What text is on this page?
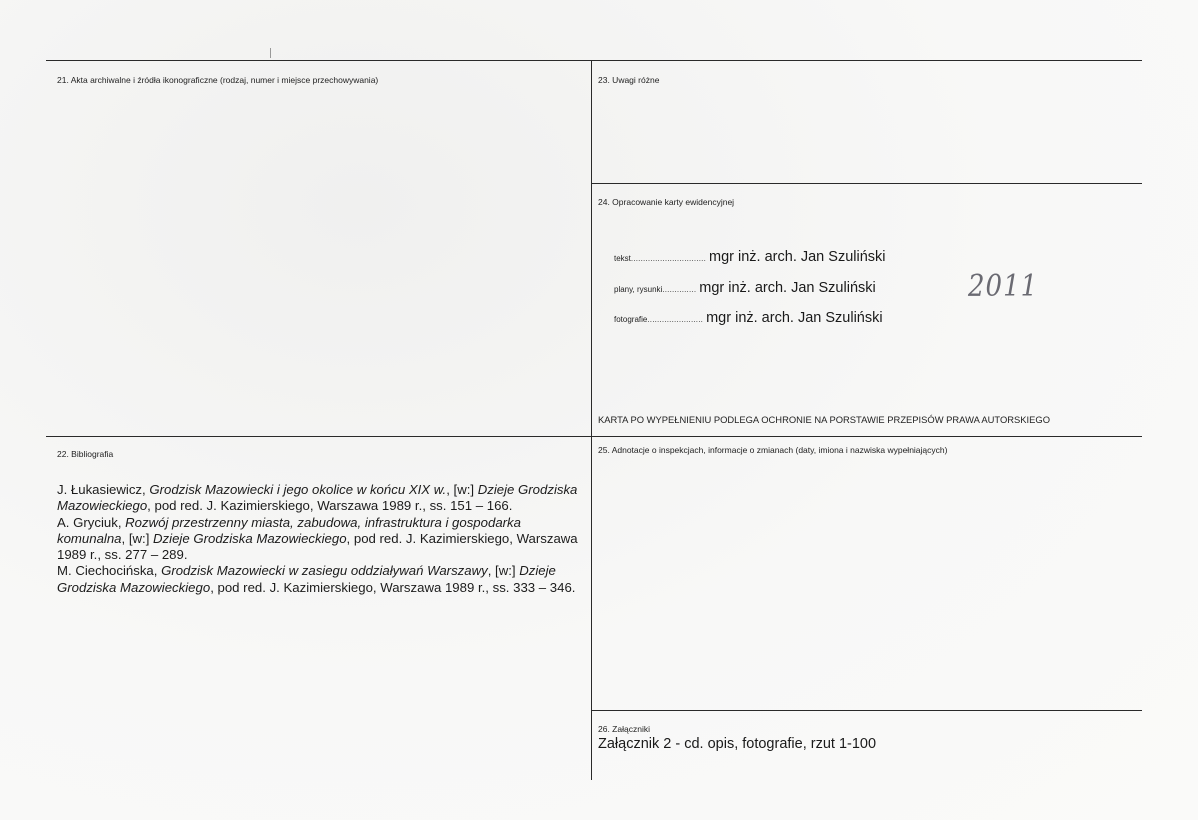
21. Akta archiwalne i źródła ikonograficzne (rodzaj, numer i miejsce przechowywania)	23. Uwagi różne
24. Opracowanie karty ewidencyjnej
tekst............................... mgr inż. arch. Jan Szuliński
plany, rysunki.............. mgr inż. arch. Jan Szuliński
fotografie....................... mgr inż. arch. Jan Szuliński
2011
KARTA PO WYPEŁNIENIU PODLEGA OCHRONIE NA PORSTAWIE PRZEPISÓW PRAWA AUTORSKIEGO
22. Bibliografia

J. Łukasiewicz, Grodzisk Mazowiecki i jego okolice w końcu XIX w., [w:] Dzieje Grodziska Mazowieckiego, pod red. J. Kazimierskiego, Warszawa 1989 r., ss. 151 – 166.

A. Gryciuk, Rozwój przestrzenny miasta, zabudowa, infrastruktura i gospodarka komunalna, [w:] Dzieje Grodziska Mazowieckiego, pod red. J. Kazimierskiego, Warszawa 1989 r., ss. 277 – 289.

M. Ciechocińska, Grodzisk Mazowiecki w zasiegu oddziaływań Warszawy, [w:] Dzieje Grodziska Mazowieckiego, pod red. J. Kazimierskiego, Warszawa 1989 r., ss. 333 – 346.

25. Adnotacje o inspekcjach, informacje o zmianach (daty, imiona i nazwiska wypełniających)
26. Załączniki
Załącznik 2 - cd. opis, fotografie, rzut 1-100
